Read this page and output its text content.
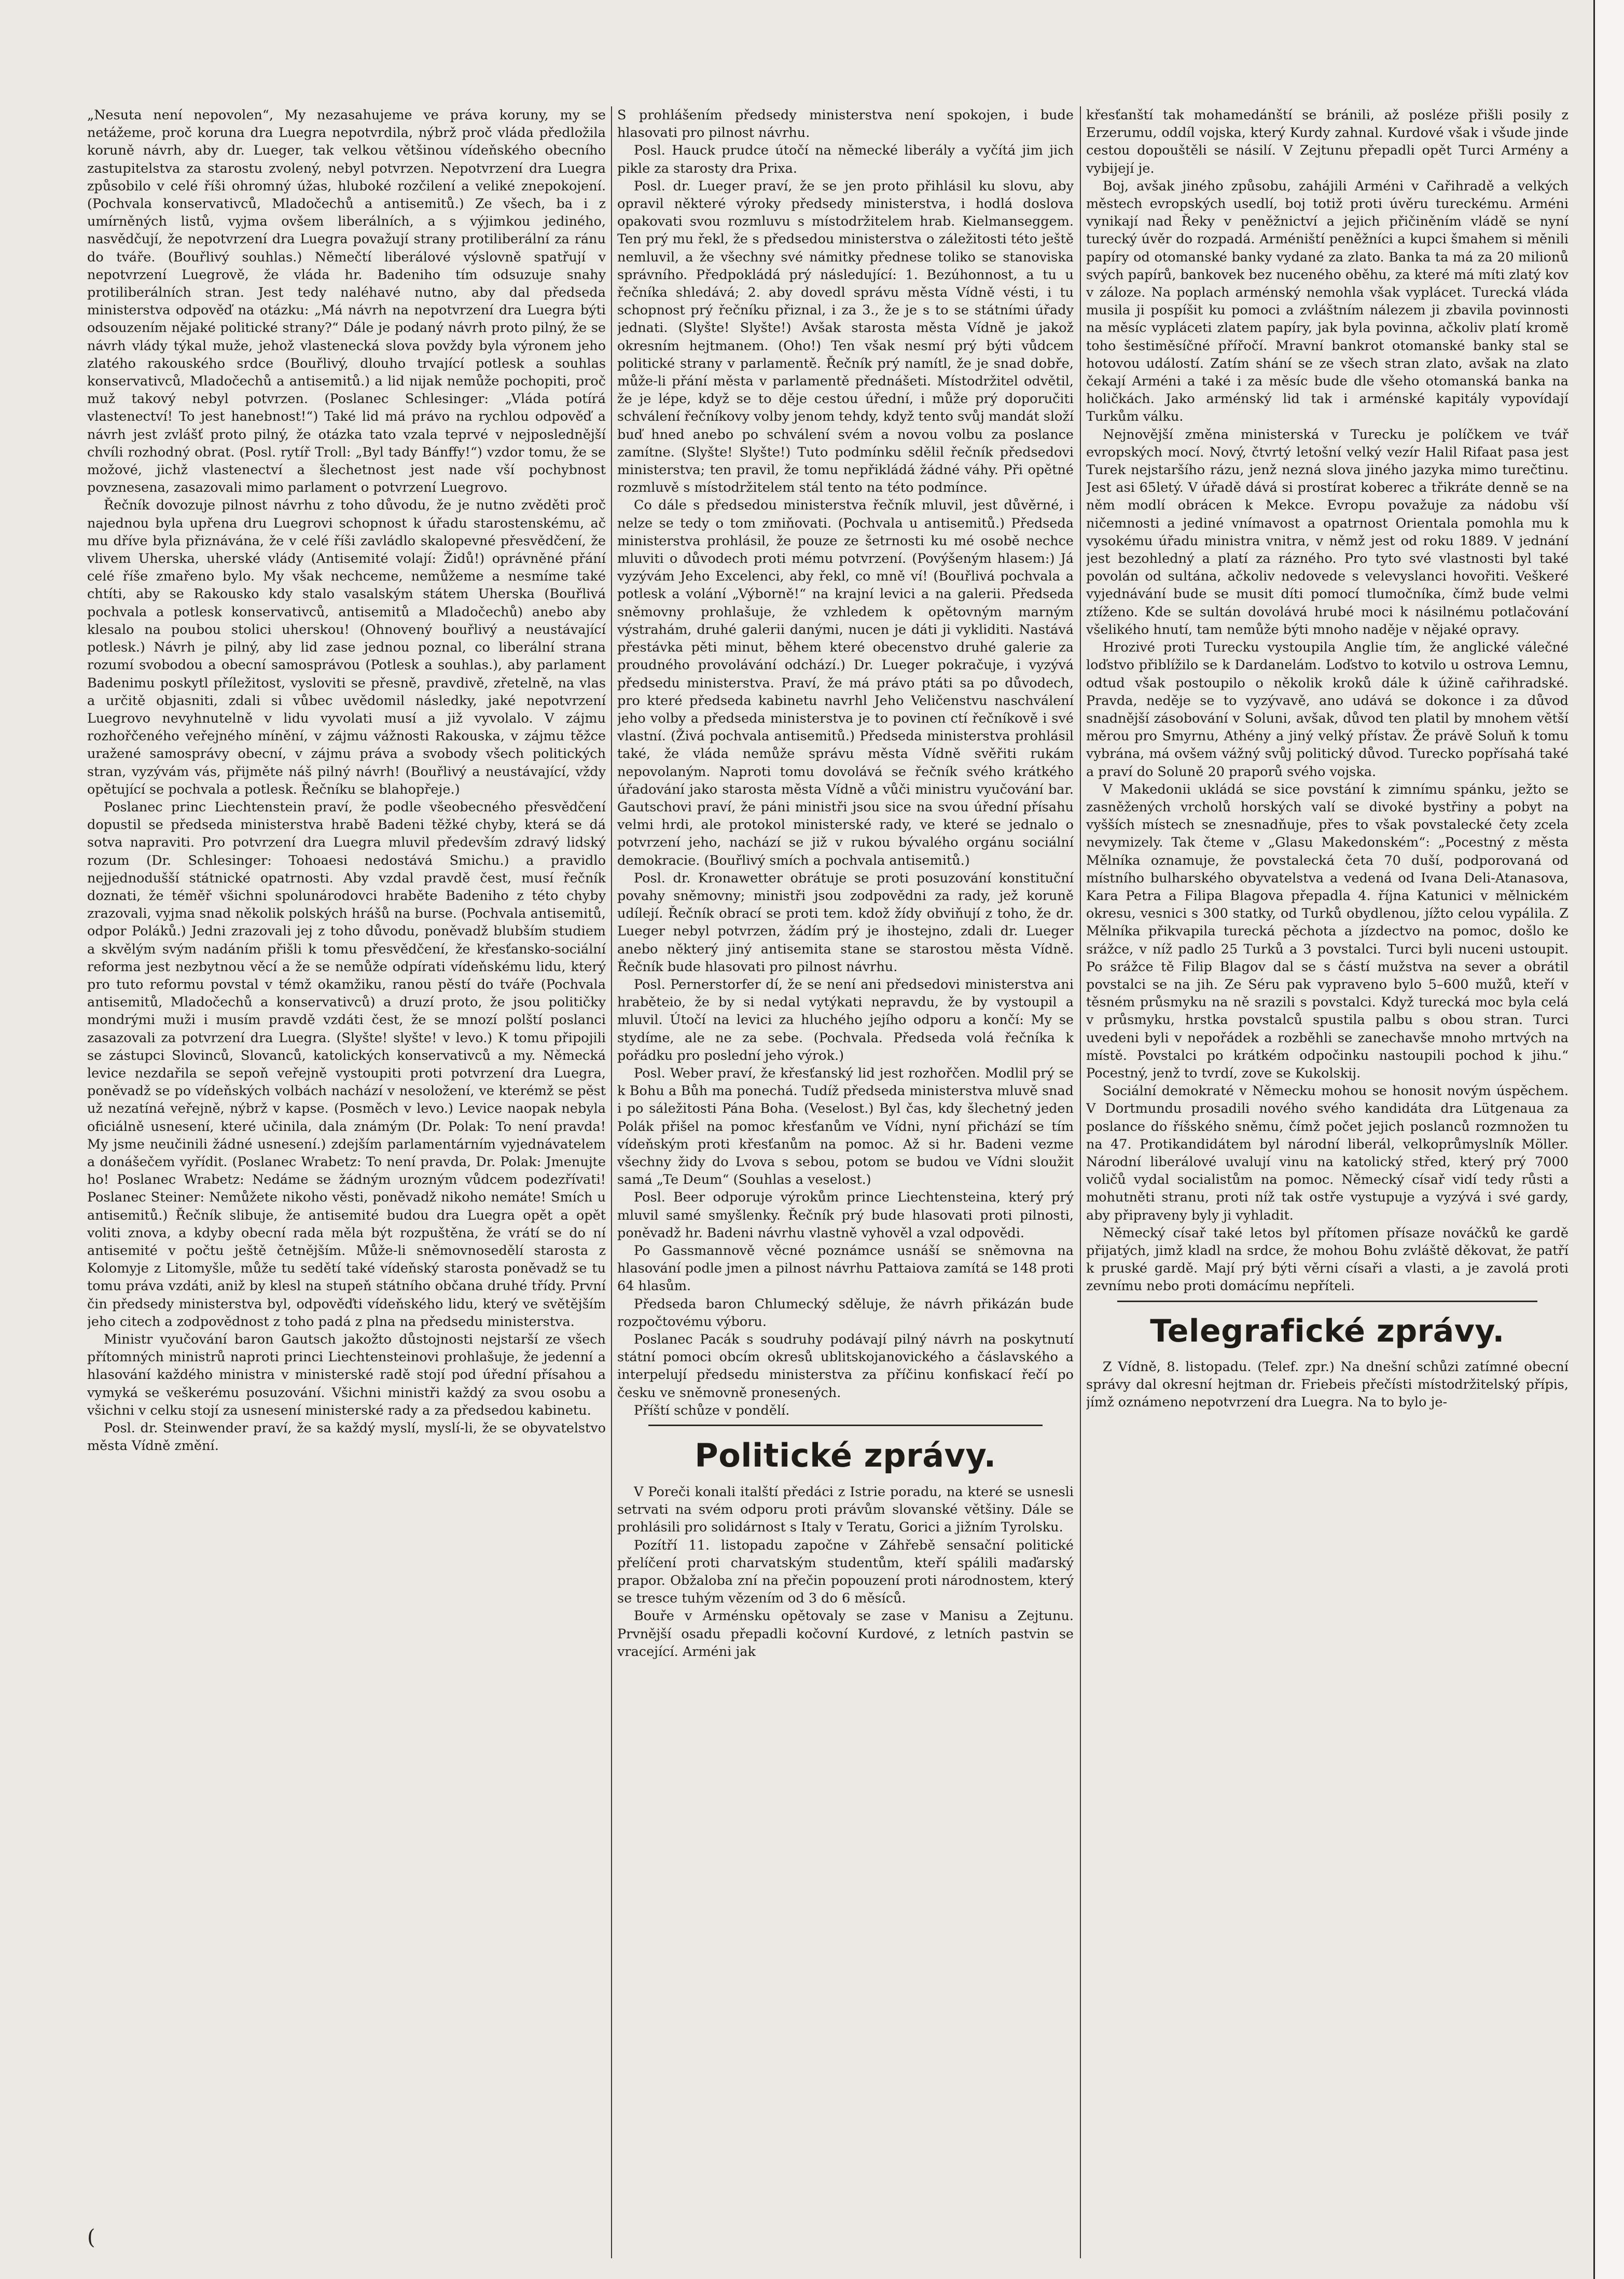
„Nesuta není nepovolen“, My nezasahujeme ve práva koruny, my se netážeme, proč koruna dra Luegra nepotvrdila, nýbrž proč vláda předložila koruně návrh, aby dr. Lueger, tak velkou většinou vídeňského obecního zastupitelstva za starostu zvolený, nebyl potvrzen. Nepotvrzení dra Luegra způsobilo v celé říši ohromný úžas, hluboké rozčilení a veliké znepokojení. (Pochvala konservativců, Mladočechů a antisemitů.) Ze všech, ba i z umírněných listů, vyjma ovšem liberálních, a s výjimkou jediného, nasvědčují, že nepotvrzení dra Luegra považují strany protiliberální za ránu do tváře. (Bouřlivý souhlas.) Němečtí liberálové výslovně spatřují v nepotvrzení Luegrově, že vláda hr. Badeniho tím odsuzuje snahy protiliberálních stran. Jest tedy naléhavé nutno, aby dal předseda ministerstva odpověď na otázku: „Má návrh na nepotvrzení dra Luegra býti odsouzením nějaké politické strany?“ Dále je podaný návrh proto pilný, že se návrh vlády týkal muže, jehož vlastenecká slova povždy byla výronem jeho zlatého rakouského srdce (Bouřlivý, dlouho trvající potlesk a souhlas konservativců, Mladočechů a antisemitů.) a lid nijak nemůže pochopiti, proč muž takový nebyl potvrzen. (Poslanec Schlesinger: „Vláda potírá vlastenectví! To jest hanebnost!“) Také lid má právo na rychlou odpověď a návrh jest zvlášť proto pilný, že otázka tato vzala teprvé v nejposlednější chvíli rozhodný obrat. (Posl. rytíř Troll: „Byl tady Bánffy!“) vzdor tomu, že se možové, jichž vlastenectví a šlechetnost jest nade vší pochybnost povznesena, zasazovali mimo parlament o potvrzení Luegrovo.

Řečník dovozuje pilnost návrhu z toho důvodu, že je nutno zvěděti proč najednou byla upřena dru Luegrovi schopnost k úřadu starostenskému, ač mu dříve byla přiznávána, že v celé říši zavládlo skalopevné přesvědčení, že vlivem Uherska, uherské vlády (Antisemité volají: Židů!) oprávněné přání celé říše zmařeno bylo. My však nechceme, nemůžeme a nesmíme také chtíti, aby se Rakousko kdy stalo vasalským státem Uherska (Bouřlivá pochvala a potlesk konservativců, antisemitů a Mladočechů) anebo aby klesalo na poubou stolici uherskou! (Ohnovený bouřlivý a neustávající potlesk.) Návrh je pilný, aby lid zase jednou poznal, co liberální strana rozumí svobodou a obecní samosprávou (Potlesk a souhlas.), aby parlament Badenimu poskytl příležitost, vysloviti se přesně, pravdivě, zřetelně, na vlas a určitě objasniti, zdali si vůbec uvědomil následky, jaké nepotvrzení Luegrovo nevyhnutelně v lidu vyvolati musí a již vyvolalo. V zájmu rozhořčeného veřejného mínění, v zájmu vážnosti Rakouska, v zájmu těžce uražené samosprávy obecní, v zájmu práva a svobody všech politických stran, vyzývám vás, přijměte náš pilný návrh! (Bouřlivý a neustávající, vždy opětující se pochvala a potlesk. Řečníku se blahopřeje.)

Poslanec princ Liechtenstein praví, že podle všeobecného přesvědčení dopustil se předseda ministerstva hrabě Badeni těžké chyby, která se dá sotva napraviti. Pro potvrzení dra Luegra mluvil především zdravý lidský rozum (Dr. Schlesinger: Tohoaesi nedostává Smichu.) a pravidlo nejjednodušší státnické opatrnosti. Aby vzdal pravdě čest, musí řečník doznati, že téměř všichni spolunárodovci hraběte Badeniho z této chyby zrazovali, vyjma snad několik polských hrášů na burse. (Pochvala antisemitů, odpor Poláků.) Jedni zrazovali jej z toho důvodu, poněvadž blubším studiem a skvělým svým nadáním přišli k tomu přesvědčení, že křesťansko-sociální reforma jest nezbytnou věcí a že se nemůže odpírati vídeňskému lidu, který pro tuto reformu povstal v témž okamžiku, ranou pěstí do tváře (Pochvala antisemitů, Mladočechů a konservativců) a druzí proto, že jsou političky mondrými muži i musím pravdě vzdáti čest, že se mnozí polští poslanci zasazovali za potvrzení dra Luegra. (Slyšte! slyšte! v levo.) K tomu připojili se zástupci Slovinců, Slovanců, katolických konservativců a my. Německá levice nezdařila se sepoň veřejně vystoupiti proti potvrzení dra Luegra, poněvadž se po vídeňských volbách nachází v nesoložení, ve kterémž se pěst už nezatíná veřejně, nýbrž v kapse. (Posměch v levo.) Levice naopak nebyla oficiálně usnesení, které učinila, dala známým (Dr. Polak: To není pravda! My jsme neučinili žádné usnesení.) zdejším parlamentárním vyjednávatelem a donášečem vyřídit. (Poslanec Wrabetz: To není pravda, Dr. Polak: Jmenujte ho! Poslanec Wrabetz: Nedáme se žádným urozným vůdcem podezřívati! Poslanec Steiner: Nemůžete nikoho věsti, poněvadž nikoho nemáte! Smích u antisemitů.) Řečník slibuje, že antisemité budou dra Luegra opět a opět voliti znova, a kdyby obecní rada měla být rozpuštěna, že vrátí se do ní antisemité v počtu ještě četnějším. Může-li sněmovnosedělí starosta z Kolomyje z Litomyšle, může tu sedětí také vídeňský starosta poněvadž se tu tomu práva vzdáti, aniž by klesl na stupeň státního občana druhé třídy. První čin předsedy ministerstva byl, odpověďti vídeňského lidu, který ve světějším jeho citech a zodpovědnost z toho padá z plna na předsedu ministerstva.

Ministr vyučování baron Gautsch jakožto důstojnosti nejstarší ze všech přítomných ministrů naproti princi Liechtensteinovi prohlašuje, že jedenní a hlasování každého ministra v ministerské radě stojí pod úřední přísahou a vymyká se veškerému posuzování. Všichni ministři každý za svou osobu a všichni v celku stojí za usnesení ministerské rady a za předsedou kabinetu.

Posl. dr. Steinwender praví, že sa každý myslí, myslí-li, že se obyvatelstvo města Vídně změní.

S prohlášením předsedy ministerstva není spokojen, i bude hlasovati pro pilnost návrhu.

Posl. Hauck prudce útočí na německé liberály a vyčítá jim jich pikle za starosty dra Prixa.

Posl. dr. Lueger praví, že se jen proto přihlásil ku slovu, aby opravil některé výroky předsedy ministerstva, i hodlá doslova opakovati svou rozmluvu s místodržitelem hrab. Kielmanseggem. Ten prý mu řekl, že s předsedou ministerstva o záležitosti této ještě nemluvil, a že všechny své námitky přednese toliko se stanoviska správního. Předpokládá prý následující: 1. Bezúhonnost, a tu u řečníka shledává; 2. aby dovedl správu města Vídně vésti, i tu schopnost prý řečníku přiznal, i za 3., že je s to se státními úřady jednati. (Slyšte! Slyšte!) Avšak starosta města Vídně je jakož okresním hejtmanem. (Oho!) Ten však nesmí prý býti vůdcem politické strany v parlamentě. Řečník prý namítl, že je snad dobře, může-li přání města v parlamentě přednášeti. Místodržitel odvětil, že je lépe, když se to děje cestou úřední, i může prý doporučiti schválení řečníkovy volby jenom tehdy, když tento svůj mandát složí buď hned anebo po schválení svém a novou volbu za poslance zamítne. (Slyšte! Slyšte!) Tuto podmínku sdělil řečník předsedovi ministerstva; ten pravil, že tomu nepřikládá žádné váhy. Při opětné rozmluvě s místodržitelem stál tento na této podmínce.

Co dále s předsedou ministerstva řečník mluvil, jest důvěrné, i nelze se tedy o tom zmiňovati. (Pochvala u antisemitů.) Předseda ministerstva prohlásil, že pouze ze šetrnosti ku mé osobě nechce mluviti o důvodech proti mému potvrzení. (Povýšeným hlasem:) Já vyzývám Jeho Excelenci, aby řekl, co mně ví! (Bouřlivá pochvala a potlesk a volání „Výborně!“ na krajní levici a na galerii. Předseda sněmovny prohlašuje, že vzhledem k opětovným marným výstrahám, druhé galerii danými, nucen je dáti ji vykliditi. Nastává přestávka pěti minut, během které obecenstvo druhé galerie za proudného provolávání odchází.) Dr. Lueger pokračuje, i vyzývá předsedu ministerstva. Praví, že má právo ptáti sa po důvodech, pro které předseda kabinetu navrhl Jeho Veličenstvu naschválení jeho volby a předseda ministerstva je to povinen ctí řečníkově i své vlastní. (Živá pochvala antisemitů.) Předseda ministerstva prohlásil také, že vláda nemůže správu města Vídně svěřiti rukám nepovolaným. Naproti tomu dovolává se řečník svého krátkého úřadování jako starosta města Vídně a vůči ministru vyučování bar. Gautschovi praví, že páni ministři jsou sice na svou úřední přísahu velmi hrdi, ale protokol ministerské rady, ve které se jednalo o potvrzení jeho, nachází se již v rukou bývalého orgánu sociální demokracie. (Bouřlivý smích a pochvala antisemitů.)

Posl. dr. Kronawetter obrátuje se proti posuzování konstituční povahy sněmovny; ministři jsou zodpovědni za rady, jež koruně udílejí. Řečník obrací se proti tem. kdož žídy obviňují z toho, že dr. Lueger nebyl potvrzen, žádím prý je ihostejno, zdali dr. Lueger anebo některý jiný antisemita stane se starostou města Vídně. Řečník bude hlasovati pro pilnost návrhu.

Posl. Pernerstorfer dí, že se není ani předsedovi ministerstva ani hraběteio, že by si nedal vytýkati nepravdu, že by vystoupil a mluvil. Útočí na levici za hluchého jejího odporu a končí: My se stydíme, ale ne za sebe. (Pochvala. Předseda volá řečníka k pořádku pro poslední jeho výrok.)

Posl. Weber praví, že křesťanský lid jest rozhořčen. Modlil prý se k Bohu a Bůh ma ponechá. Tudíž předseda ministerstva mluvě snad i po sáležitosti Pána Boha. (Veselost.) Byl čas, kdy šlechetný jeden Polák přišel na pomoc křesťanům ve Vídni, nyní přichází se tím vídeňským proti křesťanům na pomoc. Až si hr. Badeni vezme všechny židy do Lvova s sebou, potom se budou ve Vídni sloužit samá „Te Deum“ (Souhlas a veselost.)

Posl. Beer odporuje výrokům prince Liechtensteina, který prý mluvil samé smyšlenky. Řečník prý bude hlasovati proti pilnosti, poněvadž hr. Badeni návrhu vlastně vyhověl a vzal odpovědi.

Po Gassmannově věcné poznámce usnáší se sněmovna na hlasování podle jmen a pilnost návrhu Pattaiova zamítá se 148 proti 64 hlasům.

Předseda baron Chlumecký sděluje, že návrh přikázán bude rozpočtovému výboru.

Poslanec Pacák s soudruhy podávají pilný návrh na poskytnutí státní pomoci obcím okresů ublitskojanovického a čáslavského a interpelují předsedu ministerstva za příčinu konfiskací řečí po česku ve sněmovně pronesených.

Příští schůze v pondělí.

Politické zprávy.

V Poreči konali italští předáci z Istrie poradu, na které se usnesli setrvati na svém odporu proti právům slovanské většiny. Dále se prohlásili pro solidárnost s Italy v Teratu, Gorici a jižním Tyrolsku.

Pozítří 11. listopadu započne v Záhřebě sensační politické přelíčení proti charvatským studentům, kteří spálili maďarský prapor. Obžaloba zní na přečin popouzení proti národnostem, který se tresce tuhým vězením od 3 do 6 měsíců.

Bouře v Arménsku opětovaly se zase v Manisu a Zejtunu. Prvnější osadu přepadli kočovní Kurdové, z letních pastvin se vracející. Arméni jak

křesťanští tak mohamedánští se bránili, až posléze přišli posily z Erzerumu, oddíl vojska, který Kurdy zahnal. Kurdové však i všude jinde cestou dopouštěli se násilí. V Zejtunu přepadli opět Turci Armény a vybijejí je.

Boj, avšak jiného způsobu, zahájili Arméni v Cařihradě a velkých městech evropských usedlí, boj totiž proti úvěru tureckému. Arméni vynikají nad Řeky v peněžnictví a jejich přičiněním vládě se nyní turecký úvěr do rozpadá. Arméniští peněžníci a kupci šmahem si měnili papíry od otomanské banky vydané za zlato. Banka ta má za 20 milionů svých papírů, bankovek bez nuceného oběhu, za které má míti zlatý kov v záloze. Na poplach arménský nemohla však vyplácet. Turecká vláda musila ji pospíšit ku pomoci a zvláštním nálezem ji zbavila povinnosti na měsíc vypláceti zlatem papíry, jak byla povinna, ačkoliv platí kromě toho šestiměsíčné přířočí. Mravní bankrot otomanské banky stal se hotovou událostí. Zatím shání se ze všech stran zlato, avšak na zlato čekají Arméni a také i za měsíc bude dle všeho otomanská banka na holičkách. Jako arménský lid tak i arménské kapitály vypovídají Turkům válku.

Nejnovější změna ministerská v Turecku je políčkem ve tvář evropských mocí. Nový, čtvrtý letošní velký vezír Halil Rifaat pasa jest Turek nejstaršího rázu, jenž nezná slova jiného jazyka mimo turečtinu. Jest asi 65letý. V úřadě dává si prostírat koberec a třikráte denně se na něm modlí obrácen k Mekce. Evropu považuje za nádobu vší ničemnosti a jediné vnímavost a opatrnost Orientala pomohla mu k vysokému úřadu ministra vnitra, v němž jest od roku 1889. V jednání jest bezohledný a platí za rázného. Pro tyto své vlastnosti byl také povolán od sultána, ačkoliv nedovede s velevyslanci hovořiti. Veškeré vyjednávání bude se musit díti pomocí tlumočníka, čímž bude velmi ztíženo. Kde se sultán dovolává hrubé moci k násilnému potlačování všelikého hnutí, tam nemůže býti mnoho naděje v nějaké opravy.

Hrozivé proti Turecku vystoupila Anglie tím, že anglické válečné loďstvo přiblížilo se k Dardanelám. Loďstvo to kotvilo u ostrova Lemnu, odtud však postoupilo o několik kroků dále k úžině cařihradské. Pravda, neděje se to vyzývavě, ano udává se dokonce i za důvod snadnější zásobování v Soluni, avšak, důvod ten platil by mnohem větší měrou pro Smyrnu, Athény a jiný velký přístav. Že právě Soluň k tomu vybrána, má ovšem vážný svůj politický důvod. Turecko popřísahá také a praví do Soluně 20 praporů svého vojska.

V Makedonii ukládá se sice povstání k zimnímu spánku, ježto se zasněžených vrcholů horských valí se divoké bystřiny a pobyt na vyšších místech se znesnadňuje, přes to však povstalecké čety zcela nevymizely. Tak čteme v „Glasu Makedonském“: „Pocestný z města Mělníka oznamuje, že povstalecká četa 70 duší, podporovaná od místního bulharského obyvatelstva a vedená od Ivana Deli-Atanasova, Kara Petra a Filipa Blagova přepadla 4. října Katunici v mělnickém okresu, vesnici s 300 statky, od Turků obydlenou, jížto celou vypálila. Z Mělníka přikvapila turecká pěchota a jízdectvo na pomoc, došlo ke srážce, v níž padlo 25 Turků a 3 povstalci. Turci byli nuceni ustoupit. Po srážce tě Filip Blagov dal se s částí mužstva na sever a obrátil povstalci se na jih. Ze Séru pak vypraveno bylo 5–600 mužů, kteří v těsném průsmyku na ně srazili s povstalci. Když turecká moc byla celá v průsmyku, hrstka povstalců spustila palbu s obou stran. Turci uvedeni byli v nepořádek a rozběhli se zanechavše mnoho mrtvých na místě. Povstalci po krátkém odpočinku nastoupili pochod k jihu.“ Pocestný, jenž to tvrdí, zove se Kukolskij.

Sociální demokraté v Německu mohou se honosit novým úspěchem. V Dortmundu prosadili nového svého kandidáta dra Lütgenaua za poslance do říšského sněmu, čímž počet jejich poslanců rozmnožen tu na 47. Protikandidátem byl národní liberál, velkoprůmyslník Möller. Národní liberálové uvalují vinu na katolický střed, který prý 7000 voličů vydal socialistům na pomoc. Německý císař vidí tedy růsti a mohutněti stranu, proti níž tak ostře vystupuje a vyzývá i své gardy, aby připraveny byly ji vyhladit.

Německý císař také letos byl přítomen přísaze nováčků ke gardě přijatých, jimž kladl na srdce, že mohou Bohu zvláště děkovat, že patří k pruské gardě. Mají prý býti věrni císaři a vlasti, a je zavolá proti zevnímu nebo proti domácímu nepříteli.

Telegrafické zprávy.

Z Vídně, 8. listopadu. (Telef. zpr.) Na dnešní schůzi zatímné obecní správy dal okresní hejtman dr. Friebeis přečísti místodržitelský přípis, jímž oznámeno nepotvrzení dra Luegra. Na to bylo je-

(
